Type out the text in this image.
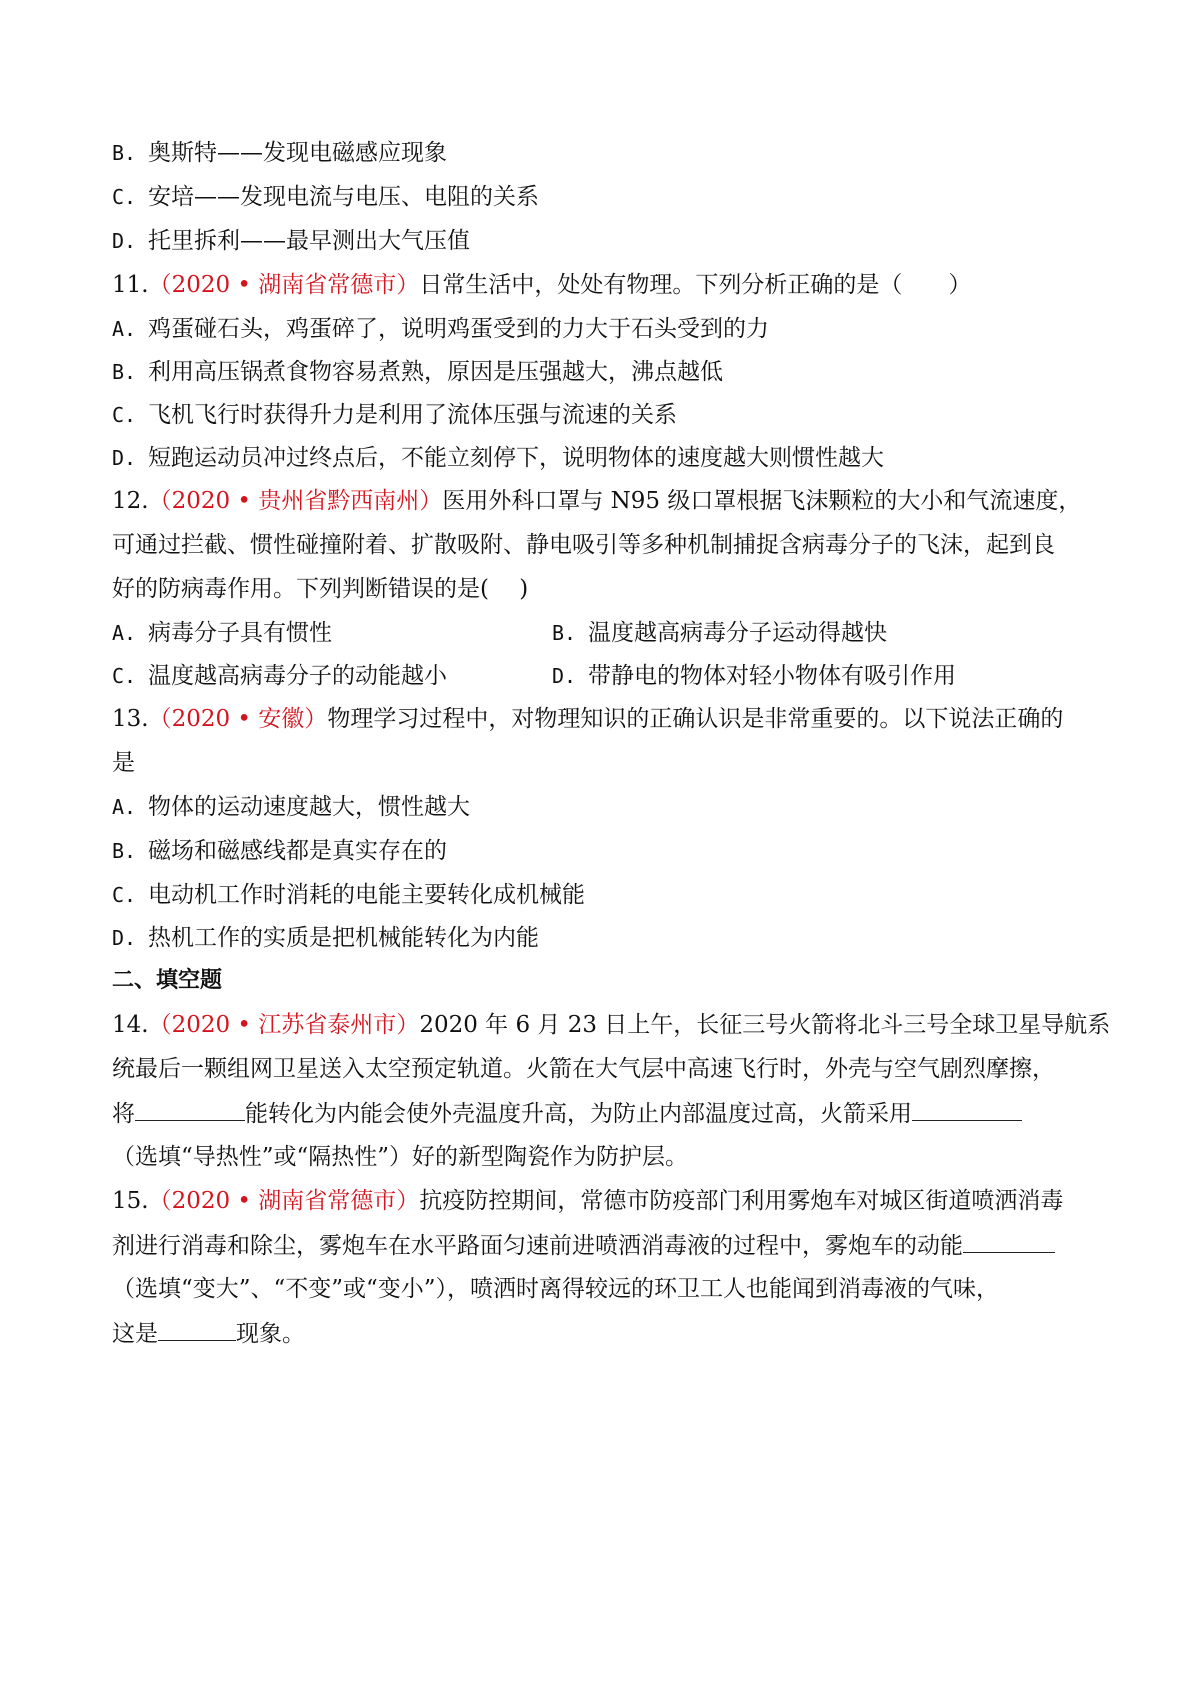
B. 奥斯特——发现电磁感应现象
C. 安培——发现电流与电压、电阻的关系
D. 托里拆利——最早测出大气压值
11.（2020 • 湖南省常德市）日常生活中，处处有物理。下列分析正确的是（　　）
A. 鸡蛋碰石头，鸡蛋碎了，说明鸡蛋受到的力大于石头受到的力
B. 利用高压锅煮食物容易煮熟，原因是压强越大，沸点越低
C. 飞机飞行时获得升力是利用了流体压强与流速的关系
D. 短跑运动员冲过终点后，不能立刻停下，说明物体的速度越大则惯性越大
12.（2020 • 贵州省黔西南州）医用外科口罩与 N95 级口罩根据飞沫颗粒的大小和气流速度，
可通过拦截、惯性碰撞附着、扩散吸附、静电吸引等多种机制捕捉含病毒分子的飞沫，起到良
好的防病毒作用。下列判断错误的是(　 )
A. 病毒分子具有惯性	B. 温度越高病毒分子运动得越快
C. 温度越高病毒分子的动能越小	D. 带静电的物体对轻小物体有吸引作用
13.（2020 • 安徽）物理学习过程中，对物理知识的正确认识是非常重要的。以下说法正确的
是
A. 物体的运动速度越大，惯性越大
B. 磁场和磁感线都是真实存在的
C. 电动机工作时消耗的电能主要转化成机械能
D. 热机工作的实质是把机械能转化为内能
二、填空题
14.（2020 • 江苏省泰州市）2020 年 6 月 23 日上午，长征三号火箭将北斗三号全球卫星导航系
统最后一颗组网卫星送入太空预定轨道。火箭在大气层中高速飞行时，外壳与空气剧烈摩擦，
将	能转化为内能会使外壳温度升高，为防止内部温度过高，火箭采用
（选填“导热性”或“隔热性”）好的新型陶瓷作为防护层。
15.（2020 • 湖南省常德市）抗疫防控期间，常德市防疫部门利用雾炮车对城区街道喷洒消毒
剂进行消毒和除尘，雾炮车在水平路面匀速前进喷洒消毒液的过程中，雾炮车的动能
（选填“变大”、“不变”或“变小”），喷洒时离得较远的环卫工人也能闻到消毒液的气味，
这是	现象。
